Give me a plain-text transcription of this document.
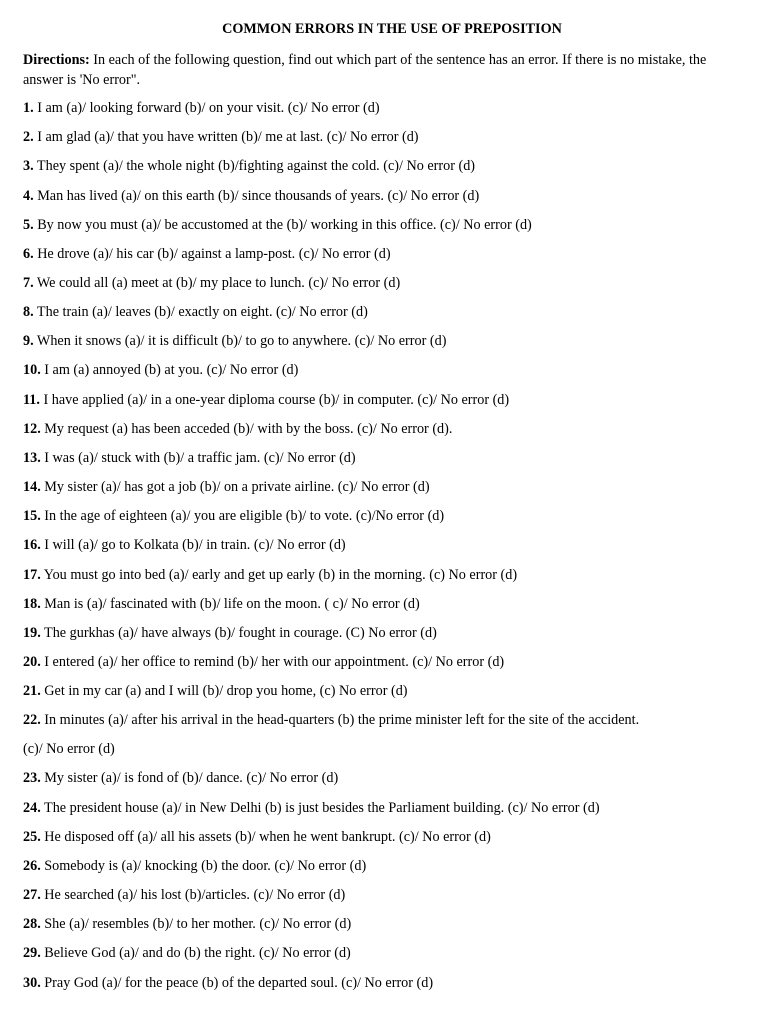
COMMON ERRORS IN THE USE OF PREPOSITION

Directions: In each of the following question, find out which part of the sentence has an error. If there is no mistake, the answer is 'No error".

1. I am (a)/ looking forward (b)/ on your visit. (c)/ No error (d)
2. I am glad (a)/ that you have written (b)/ me at last. (c)/ No error (d)
3. They spent (a)/ the whole night (b)/fighting against the cold. (c)/ No error (d)
4. Man has lived (a)/ on this earth (b)/ since thousands of years. (c)/ No error (d)
5. By now you must (a)/ be accustomed at the (b)/ working in this office. (c)/ No error (d)
6. He drove (a)/ his car (b)/ against a lamp-post. (c)/ No error (d)
7. We could all (a) meet at (b)/ my place to lunch. (c)/ No error (d)
8. The train (a)/ leaves (b)/ exactly on eight. (c)/ No error (d)
9. When it snows (a)/ it is difficult (b)/ to go to anywhere. (c)/ No error (d)
10. I am (a) annoyed (b) at you. (c)/ No error (d)
11. I have applied (a)/ in a one-year diploma course (b)/ in computer. (c)/ No error (d)
12. My request (a) has been acceded (b)/ with by the boss. (c)/ No error (d).
13. I was (a)/ stuck with (b)/ a traffic jam. (c)/ No error (d)
14. My sister (a)/ has got a job (b)/ on a private airline. (c)/ No error (d)
15. In the age of eighteen (a)/ you are eligible (b)/ to vote. (c)/No error (d)
16. I will (a)/ go to Kolkata (b)/ in train. (c)/ No error (d)
17. You must go into bed (a)/ early and get up early (b) in the morning. (c) No error (d)
18. Man is (a)/ fascinated with (b)/ life on the moon. ( c)/ No error (d)
19. The gurkhas (a)/ have always (b)/ fought in courage. (C) No error (d)
20. I entered (a)/ her office to remind (b)/ her with our appointment. (c)/ No error (d)
21. Get in my car (a) and I will (b)/ drop you home, (c) No error (d)
22. In minutes (a)/ after his arrival in the head-quarters (b) the prime minister left for the site of the accident.
(c)/ No error (d)
23. My sister (a)/ is fond of (b)/ dance. (c)/ No error (d)
24. The president house (a)/ in New Delhi (b) is just besides the Parliament building. (c)/ No error (d)
25. He disposed off (a)/ all his assets (b)/ when he went bankrupt. (c)/ No error (d)
26. Somebody is (a)/ knocking (b) the door. (c)/ No error (d)
27. He searched (a)/ his lost (b)/articles. (c)/ No error (d)
28. She (a)/ resembles (b)/ to her mother. (c)/ No error (d)
29. Believe God (a)/ and do (b) the right. (c)/ No error (d)
30. Pray God (a)/ for the peace (b) of the departed soul. (c)/ No error (d)
